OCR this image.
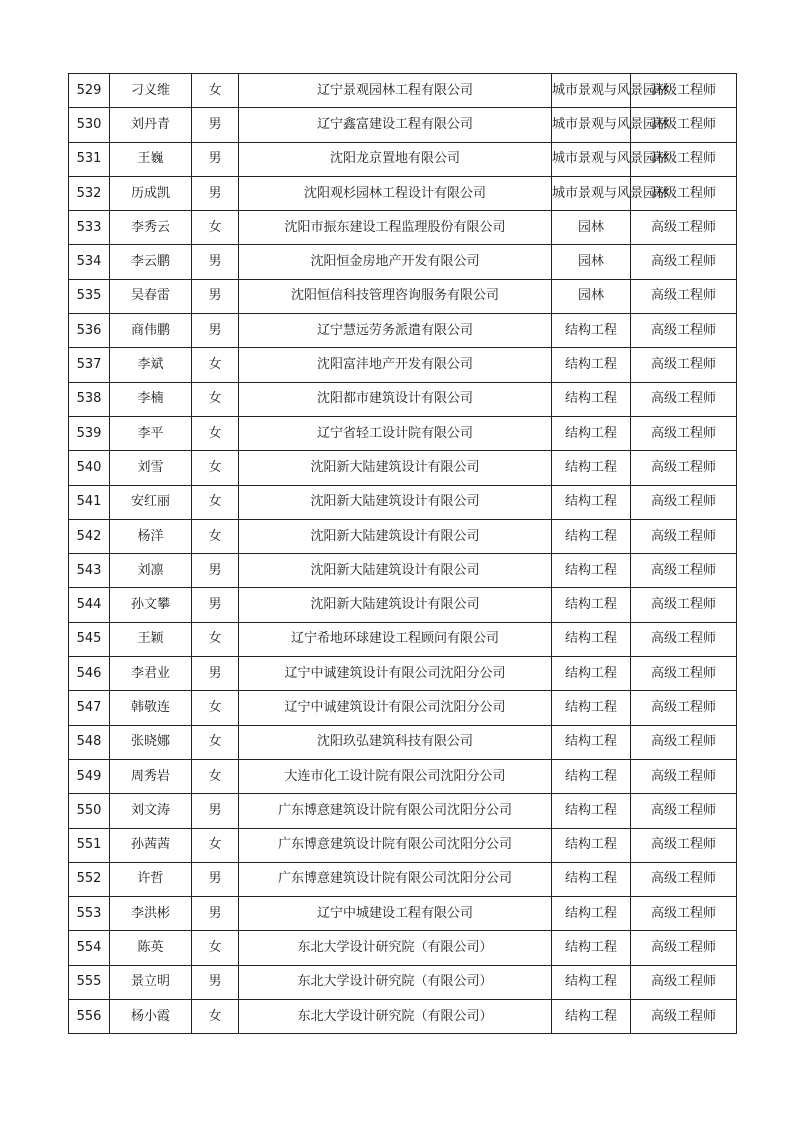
529	刁义维	女	辽宁景观园林工程有限公司	城市景观与风景园林	高级工程师
530	刘丹青	男	辽宁鑫富建设工程有限公司	城市景观与风景园林	高级工程师
531	王巍	男	沈阳龙京置地有限公司	城市景观与风景园林	高级工程师
532	历成凯	男	沈阳观杉园林工程设计有限公司	城市景观与风景园林	高级工程师
533	李秀云	女	沈阳市振东建设工程监理股份有限公司	园林	高级工程师
534	李云鹏	男	沈阳恒金房地产开发有限公司	园林	高级工程师
535	吴春雷	男	沈阳恒信科技管理咨询服务有限公司	园林	高级工程师
536	商伟鹏	男	辽宁慧远劳务派遣有限公司	结构工程	高级工程师
537	李斌	女	沈阳富沣地产开发有限公司	结构工程	高级工程师
538	李楠	女	沈阳都市建筑设计有限公司	结构工程	高级工程师
539	李平	女	辽宁省轻工设计院有限公司	结构工程	高级工程师
540	刘雪	女	沈阳新大陆建筑设计有限公司	结构工程	高级工程师
541	安红丽	女	沈阳新大陆建筑设计有限公司	结构工程	高级工程师
542	杨洋	女	沈阳新大陆建筑设计有限公司	结构工程	高级工程师
543	刘凛	男	沈阳新大陆建筑设计有限公司	结构工程	高级工程师
544	孙文攀	男	沈阳新大陆建筑设计有限公司	结构工程	高级工程师
545	王颖	女	辽宁希地环球建设工程顾问有限公司	结构工程	高级工程师
546	李君业	男	辽宁中诚建筑设计有限公司沈阳分公司	结构工程	高级工程师
547	韩敬连	女	辽宁中诚建筑设计有限公司沈阳分公司	结构工程	高级工程师
548	张晓娜	女	沈阳玖弘建筑科技有限公司	结构工程	高级工程师
549	周秀岩	女	大连市化工设计院有限公司沈阳分公司	结构工程	高级工程师
550	刘文涛	男	广东博意建筑设计院有限公司沈阳分公司	结构工程	高级工程师
551	孙茜茜	女	广东博意建筑设计院有限公司沈阳分公司	结构工程	高级工程师
552	许哲	男	广东博意建筑设计院有限公司沈阳分公司	结构工程	高级工程师
553	李洪彬	男	辽宁中城建设工程有限公司	结构工程	高级工程师
554	陈英	女	东北大学设计研究院（有限公司）	结构工程	高级工程师
555	景立明	男	东北大学设计研究院（有限公司）	结构工程	高级工程师
556	杨小霞	女	东北大学设计研究院（有限公司）	结构工程	高级工程师
